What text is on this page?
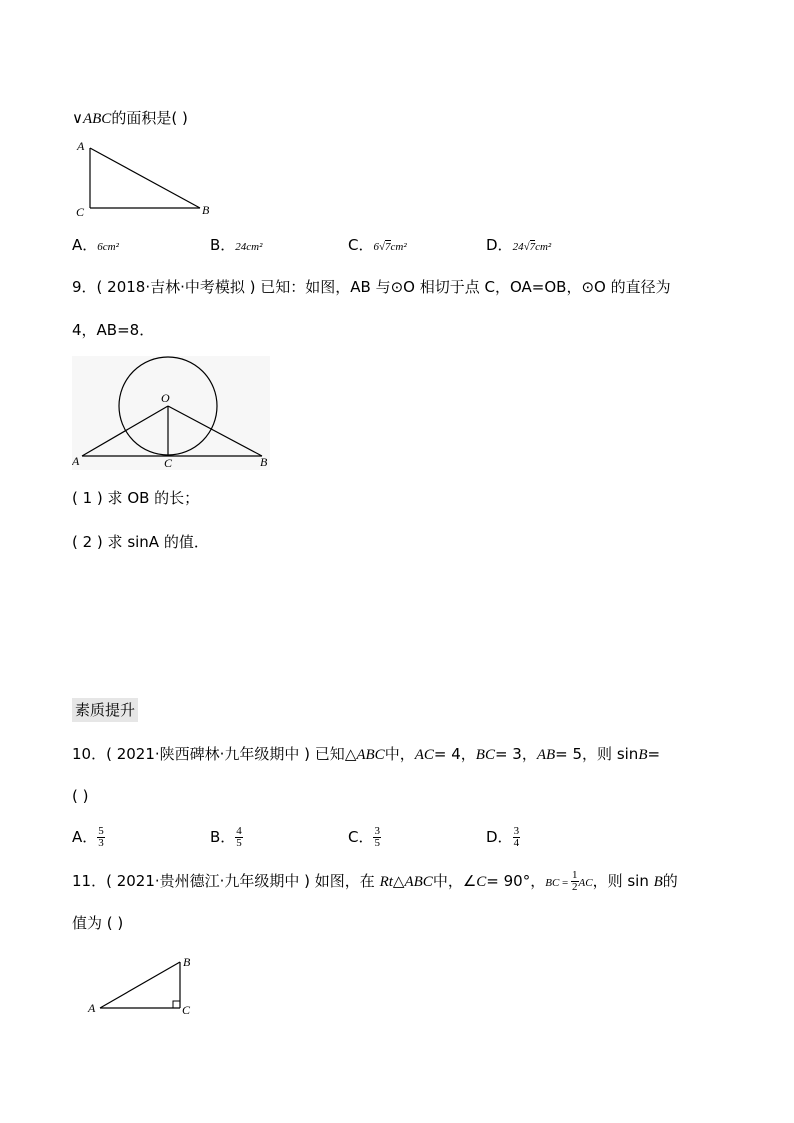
∨ABC的面积是( )
A
C	B
A．6cm²	B．24cm²	C．6√7cm²	D．24√7cm²
9．( 2018·吉林·中考模拟 ) 已知：如图，AB 与⊙O 相切于点 C，OA=OB，⊙O 的直径为
4，AB=8．
O
A	C	B
( 1 ) 求 OB 的长；
( 2 ) 求 sinA 的值．
素质提升
10．( 2021·陕西碑林·九年级期中 ) 已知△ABC中，AC= 4，BC= 3，AB= 5，则 sinB=
( )
A． $\frac{5}{3}$	B． $\frac{4}{5}$	C． $\frac{3}{5}$	D． $\frac{3}{4}$
11．( 2021·贵州德江·九年级期中 ) 如图，在 Rt△ABC中，∠C= 90°，BC = $\frac{1}{2}$ AC，则 sin B的
值为 ( )
A
B
C
